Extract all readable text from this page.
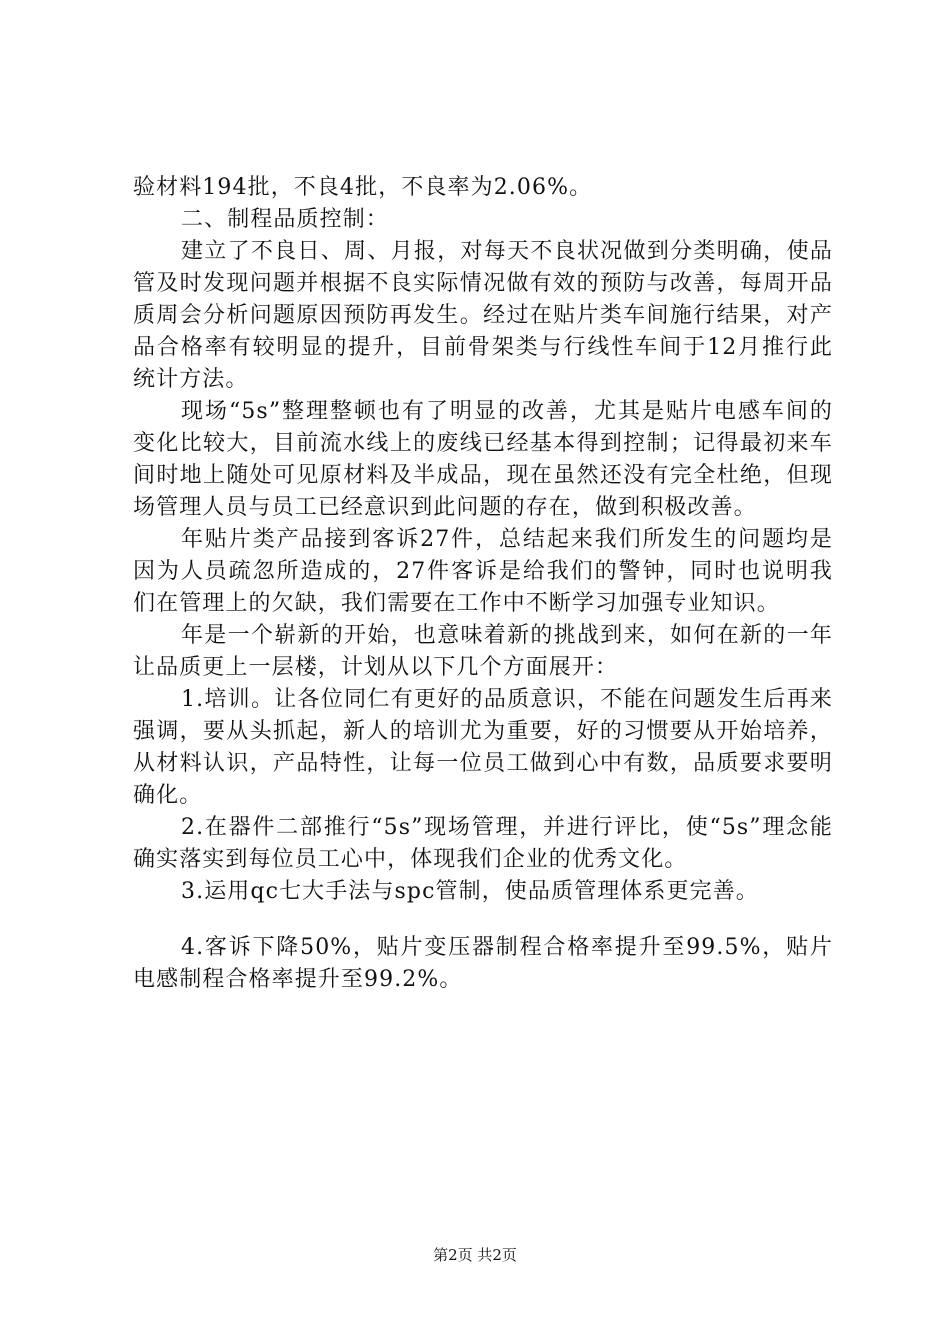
验材料194批，不良4批，不良率为2.06%。

二、制程品质控制：

建立了不良日、周、月报，对每天不良状况做到分类明确，使品管及时发现问题并根据不良实际情况做有效的预防与改善，每周开品质周会分析问题原因预防再发生。经过在贴片类车间施行结果，对产品合格率有较明显的提升，目前骨架类与行线性车间于12月推行此统计方法。

现场“5s”整理整顿也有了明显的改善，尤其是贴片电感车间的变化比较大，目前流水线上的废线已经基本得到控制；记得最初来车间时地上随处可见原材料及半成品，现在虽然还没有完全杜绝，但现场管理人员与员工已经意识到此问题的存在，做到积极改善。

年贴片类产品接到客诉27件，总结起来我们所发生的问题均是因为人员疏忽所造成的，27件客诉是给我们的警钟，同时也说明我们在管理上的欠缺，我们需要在工作中不断学习加强专业知识。

年是一个崭新的开始，也意味着新的挑战到来，如何在新的一年让品质更上一层楼，计划从以下几个方面展开：

1.培训。让各位同仁有更好的品质意识，不能在问题发生后再来强调，要从头抓起，新人的培训尤为重要，好的习惯要从开始培养，从材料认识，产品特性，让每一位员工做到心中有数，品质要求要明确化。

2.在器件二部推行“5s”现场管理，并进行评比，使“5s”理念能确实落实到每位员工心中，体现我们企业的优秀文化。

3.运用qc七大手法与spc管制，使品质管理体系更完善。

4.客诉下降50%，贴片变压器制程合格率提升至99.5%，贴片电感制程合格率提升至99.2%。

第2页 共2页
